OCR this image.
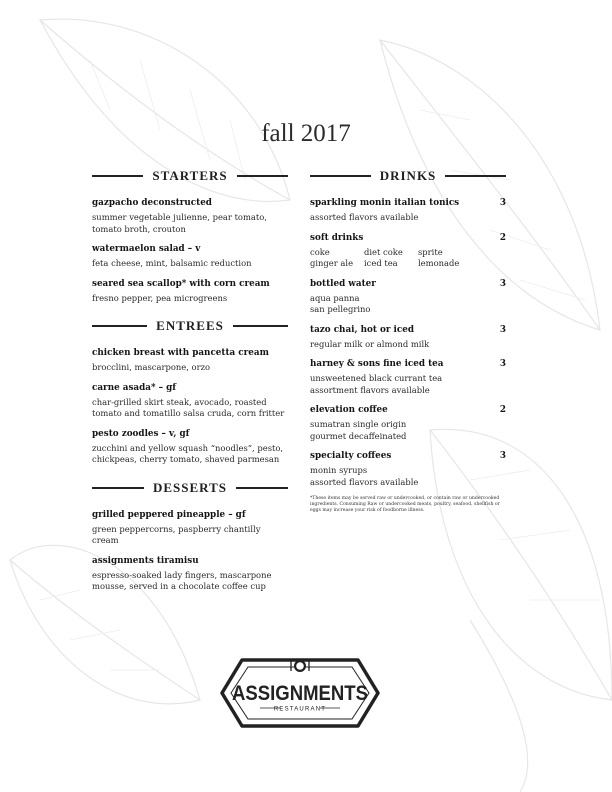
fall 2017
STARTERS
gazpacho deconstructed
summer vegetable julienne, pear tomato,
tomato broth, crouton
watermaelon salad – v
feta cheese, mint, balsamic reduction
seared sea scallop* with corn cream
fresno pepper, pea microgreens
ENTREES
chicken breast with pancetta cream
brocclini, mascarpone, orzo
carne asada* – gf
char-grilled skirt steak, avocado, roasted
tomato and tomatillo salsa cruda, corn fritter
pesto zoodles – v, gf
zucchini and yellow squash “noodles”, pesto,
chickpeas, cherry tomato, shaved parmesan
DESSERTS
grilled peppered pineapple – gf
green peppercorns, paspberry chantilly
cream
assignments tiramisu
espresso-soaked lady fingers, mascarpone
mousse, served in a chocolate coffee cup
DRINKS
sparkling monin italian tonics	3
assorted flavors available
soft drinks	2
coke	diet coke	sprite
ginger ale	iced tea	lemonade
bottled water	3
aqua panna
san pellegrino
tazo chai, hot or iced	3
regular milk or almond milk
harney & sons fine iced tea	3
unsweetened black currant tea
assortment flavors available
elevation coffee	2
sumatran single origin
gourmet decaffeinated
specialty coffees	3
monin syrups
assorted flavors available
*These items may be served raw or undercooked, or contain raw or undercooked ingredients. Consuming Raw or undercooked meats, poultry, seafood, shellfish or eggs may increase your risk of foodborne illness.
ASSIGNMENTS
RESTAURANT
